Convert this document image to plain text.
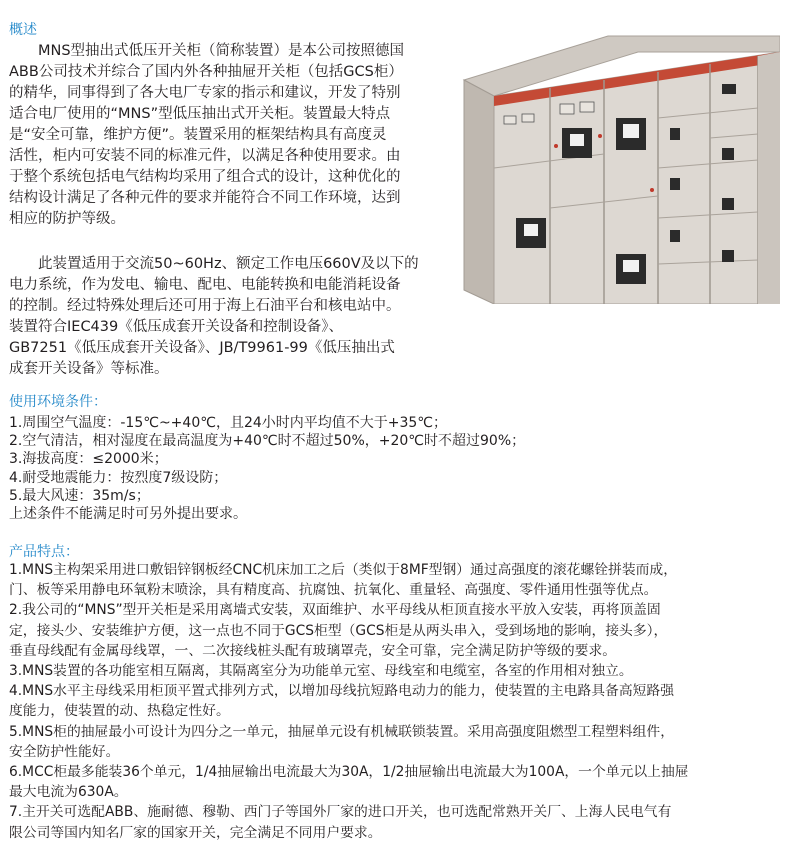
概述
　　MNS型抽出式低压开关柜（简称装置）是本公司按照德国
ABB公司技术并综合了国内外各种抽屉开关柜（包括GCS柜）
的精华，同事得到了各大电厂专家的指示和建议，开发了特别
适合电厂使用的“MNS”型低压抽出式开关柜。装置最大特点
是“安全可靠，维护方便”。装置采用的框架结构具有高度灵
活性，柜内可安装不同的标准元件，以满足各种使用要求。由
于整个系统包括电气结构均采用了组合式的设计，这种优化的
结构设计满足了各种元件的要求并能符合不同工作环境，达到
相应的防护等级。
　　此装置适用于交流50~60Hz、额定工作电压660V及以下的
电力系统，作为发电、输电、配电、电能转换和电能消耗设备
的控制。经过特殊处理后还可用于海上石油平台和核电站中。
装置符合IEC439《低压成套开关设备和控制设备》、
GB7251《低压成套开关设备》、JB/T9961-99《低压抽出式
成套开关设备》等标准。
使用环境条件：
1.周围空气温度：-15℃~+40℃，且24小时内平均值不大于+35℃；
2.空气清洁，相对湿度在最高温度为+40℃时不超过50%，+20℃时不超过90%；
3.海拔高度：≤2000米；
4.耐受地震能力：按烈度7级设防；
5.最大风速：35m/s；
上述条件不能满足时可另外提出要求。
产品特点：
1.MNS主构架采用进口敷铝锌钢板经CNC机床加工之后（类似于8MF型钢）通过高强度的滚花螺铨拼装而成，
门、板等采用静电环氧粉末喷涂，具有精度高、抗腐蚀、抗氧化、重量轻、高强度、零件通用性强等优点。
2.我公司的“MNS”型开关柜是采用离墙式安装，双面维护、水平母线从柜顶直接水平放入安装，再将顶盖固
定，接头少、安装维护方便，这一点也不同于GCS柜型（GCS柜是从两头串入，受到场地的影响，接头多），
垂直母线配有金属母线罩，一、二次接线桩头配有玻璃罩壳，安全可靠，完全满足防护等级的要求。
3.MNS装置的各功能室相互隔离，其隔离室分为功能单元室、母线室和电缆室，各室的作用相对独立。
4.MNS水平主母线采用柜顶平置式排列方式，以增加母线抗短路电动力的能力，使装置的主电路具备高短路强
度能力，使装置的动、热稳定性好。
5.MNS柜的抽屉最小可设计为四分之一单元，抽屉单元设有机械联锁装置。采用高强度阻燃型工程塑料组件，
安全防护性能好。
6.MCC柜最多能装36个单元，1/4抽屉输出电流最大为30A，1/2抽屉输出电流最大为100A，一个单元以上抽屉
最大电流为630A。
7.主开关可选配ABB、施耐德、穆勒、西门子等国外厂家的进口开关，也可选配常熟开关厂、上海人民电气有
限公司等国内知名厂家的国家开关，完全满足不同用户要求。
